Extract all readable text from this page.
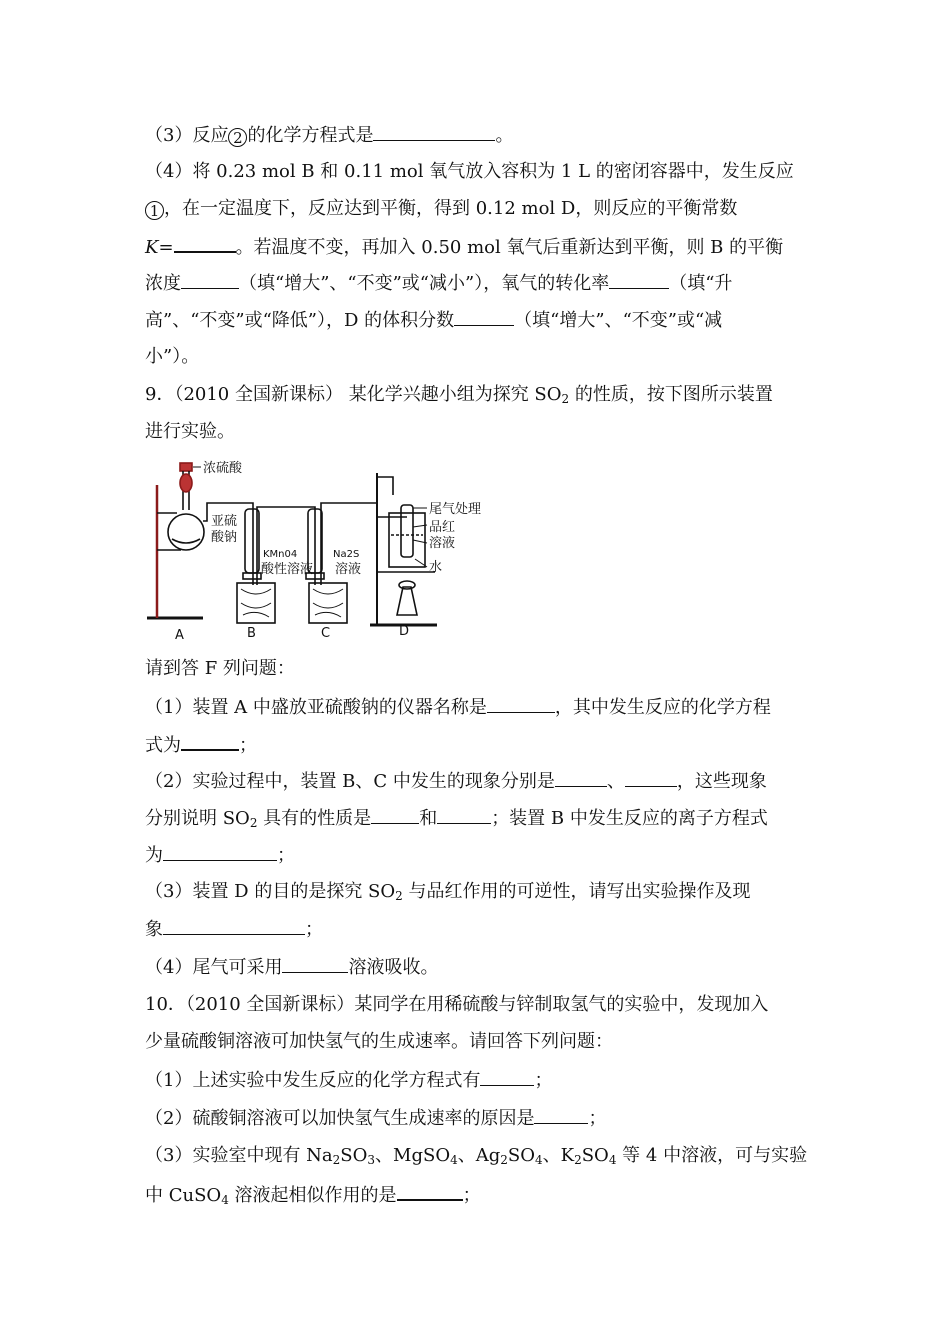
（3）反应 2 的化学方程式是	。
（4）将 0.23 mol B 和 0.11 mol 氧气放入容积为 1 L 的密闭容器中，发生反应
1 ，在一定温度下，反应达到平衡，得到 0.12 mol D，则反应的平衡常数
K=	。若温度不变，再加入 0.50 mol 氧气后重新达到平衡，则 B 的平衡
浓度	（填“增大”、“不变”或“减小”），氧气的转化率	（填“升
高”、“不变”或“降低”），D 的体积分数	（填“增大”、“不变”或“减
小”）。
9．（2010 全国新课标） 某化学兴趣小组为探究 $SO_2$ 的性质，按下图所示装置
进行实验。
浓硫酸
亚硫
酸钠
KMn04
酸性溶液
Na2S
溶液
尾气处理
品红
溶液
水
A	B	C	D
请到答 F 列问题：
（1）装置 A 中盛放亚硫酸钠的仪器名称是	，其中发生反应的化学方程
式为	；
（2）实验过程中，装置 B、C 中发生的现象分别是	、	，这些现象
分别说明 $SO_2$ 具有的性质是	和	；装置 B 中发生反应的离子方程式
为	；
（3）装置 D 的目的是探究 $SO_2$ 与品红作用的可逆性，请写出实验操作及现
象	；
（4）尾气可采用	溶液吸收。
10．（2010 全国新课标）某同学在用稀硫酸与锌制取氢气的实验中，发现加入
少量硫酸铜溶液可加快氢气的生成速率。请回答下列问题：
（1）上述实验中发生反应的化学方程式有	；
（2）硫酸铜溶液可以加快氢气生成速率的原因是	；
（3）实验室中现有 $Na_2SO_3$、MgSO$_4$、$Ag_2SO_4$、$K_2SO_4$ 等 4 中溶液，可与实验
中 CuSO$_4$ 溶液起相似作用的是	；
